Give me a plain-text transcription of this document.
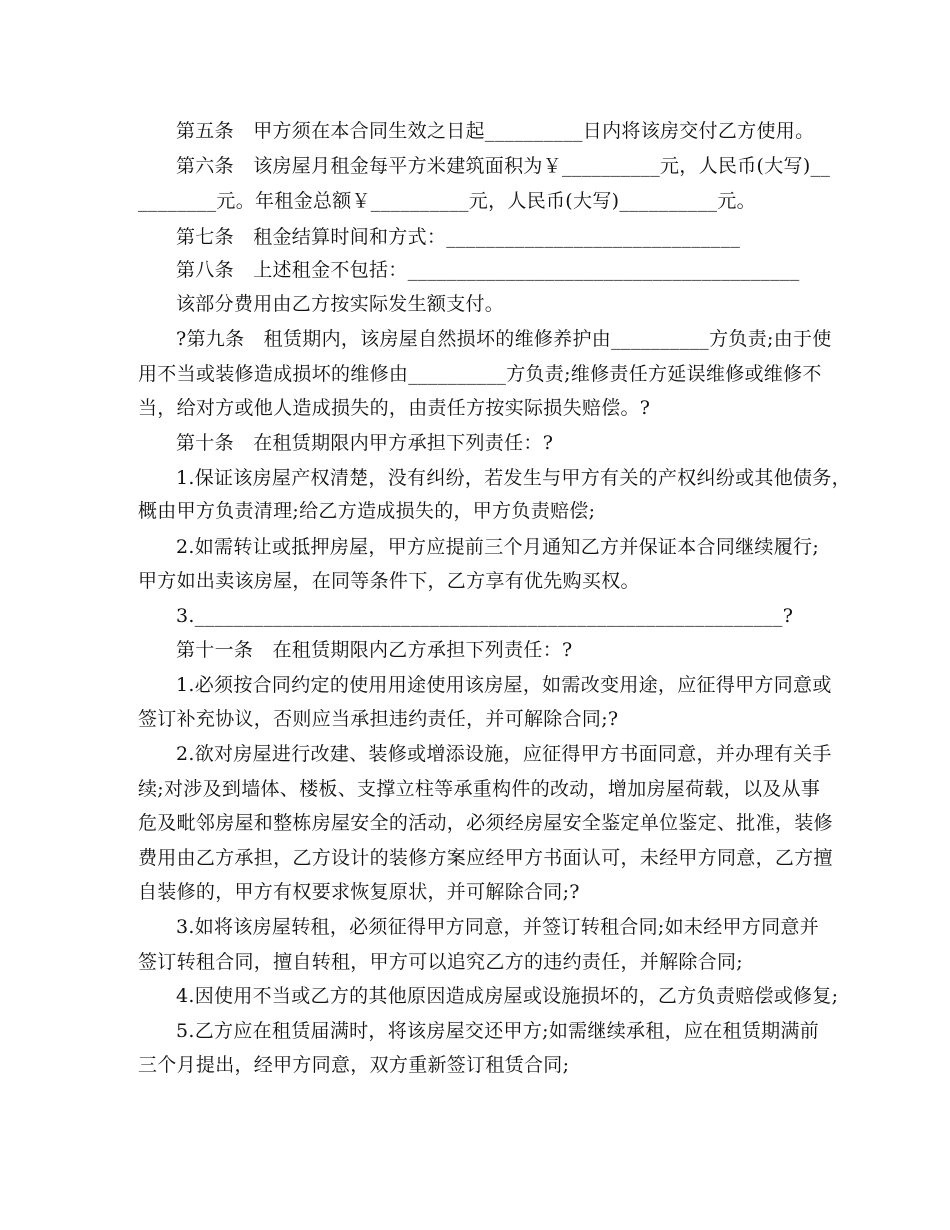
第五条　甲方须在本合同生效之日起__________日内将该房交付乙方使用。
第六条　该房屋月租金每平方米建筑面积为￥__________元，人民币(大写)__
________元。年租金总额￥__________元，人民币(大写)__________元。
第七条　租金结算时间和方式：______________________________
第八条　上述租金不包括：________________________________________
该部分费用由乙方按实际发生额支付。
?第九条　租赁期内，该房屋自然损坏的维修养护由__________方负责;由于使
用不当或装修造成损坏的维修由__________方负责;维修责任方延误维修或维修不
当，给对方或他人造成损失的，由责任方按实际损失赔偿。?
第十条　在租赁期限内甲方承担下列责任：?
1.保证该房屋产权清楚，没有纠纷，若发生与甲方有关的产权纠纷或其他债务，
概由甲方负责清理;给乙方造成损失的，甲方负责赔偿;
2.如需转让或抵押房屋，甲方应提前三个月通知乙方并保证本合同继续履行;
甲方如出卖该房屋，在同等条件下，乙方享有优先购买权。
3.____________________________________________________________?
第十一条　在租赁期限内乙方承担下列责任：?
1.必须按合同约定的使用用途使用该房屋，如需改变用途，应征得甲方同意或
签订补充协议，否则应当承担违约责任，并可解除合同;?
2.欲对房屋进行改建、装修或增添设施，应征得甲方书面同意，并办理有关手
续;对涉及到墙体、楼板、支撑立柱等承重构件的改动，增加房屋荷载，以及从事
危及毗邻房屋和整栋房屋安全的活动，必须经房屋安全鉴定单位鉴定、批准，装修
费用由乙方承担，乙方设计的装修方案应经甲方书面认可，未经甲方同意，乙方擅
自装修的，甲方有权要求恢复原状，并可解除合同;?
3.如将该房屋转租，必须征得甲方同意，并签订转租合同;如未经甲方同意并
签订转租合同，擅自转租，甲方可以追究乙方的违约责任，并解除合同;
4.因使用不当或乙方的其他原因造成房屋或设施损坏的，乙方负责赔偿或修复;
5.乙方应在租赁届满时，将该房屋交还甲方;如需继续承租，应在租赁期满前
三个月提出，经甲方同意，双方重新签订租赁合同;
